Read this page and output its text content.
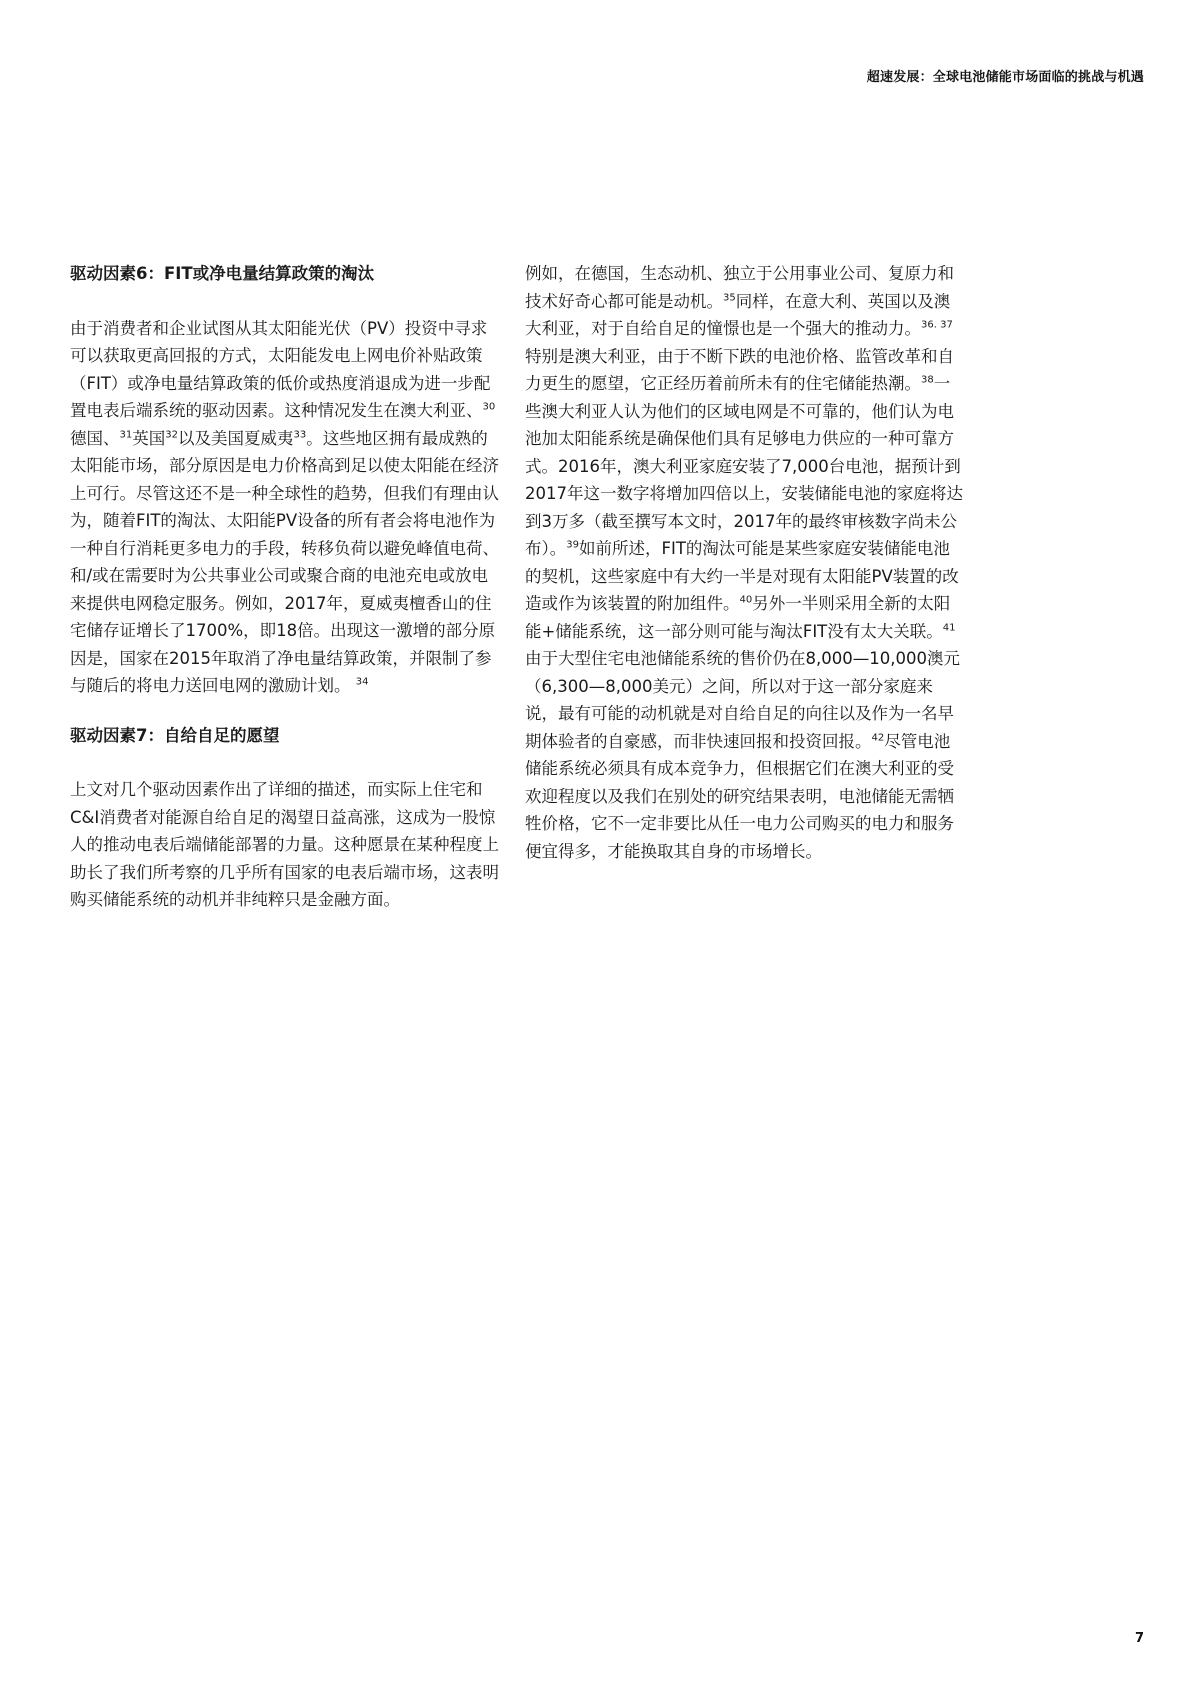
超速发展：全球电池储能市场面临的挑战与机遇
驱动因素6：FIT或净电量结算政策的淘汰
由于消费者和企业试图从其太阳能光伏（PV）投资中寻求可以获取更高回报的方式，太阳能发电上网电价补贴政策（FIT）或净电量结算政策的低价或热度消退成为进一步配置电表后端系统的驱动因素。这种情况发生在澳大利亚、$^{30}$德国、$^{31}$英国$^{32}$以及美国夏威夷$^{33}$。这些地区拥有最成熟的太阳能市场，部分原因是电力价格高到足以使太阳能在经济上可行。尽管这还不是一种全球性的趋势，但我们有理由认为，随着FIT的淘汰、太阳能PV设备的所有者会将电池作为一种自行消耗更多电力的手段，转移负荷以避免峰值电荷、和/或在需要时为公共事业公司或聚合商的电池充电或放电来提供电网稳定服务。例如，2017年，夏威夷檀香山的住宅储存证增长了1700%，即18倍。出现这一激增的部分原因是，国家在2015年取消了净电量结算政策，并限制了参与随后的将电力送回电网的激励计划。 $^{34}$
驱动因素7：自给自足的愿望
上文对几个驱动因素作出了详细的描述，而实际上住宅和C&I消费者对能源自给自足的渴望日益高涨，这成为一股惊人的推动电表后端储能部署的力量。这种愿景在某种程度上助长了我们所考察的几乎所有国家的电表后端市场，这表明购买储能系统的动机并非纯粹只是金融方面。
例如，在德国，生态动机、独立于公用事业公司、复原力和技术好奇心都可能是动机。$^{35}$同样，在意大利、英国以及澳大利亚，对于自给自足的憧憬也是一个强大的推动力。$^{36. 37}$特别是澳大利亚，由于不断下跌的电池价格、监管改革和自力更生的愿望，它正经历着前所未有的住宅储能热潮。$^{38}$一些澳大利亚人认为他们的区域电网是不可靠的，他们认为电池加太阳能系统是确保他们具有足够电力供应的一种可靠方式。2016年，澳大利亚家庭安装了7,000台电池，据预计到2017年这一数字将增加四倍以上，安装储能电池的家庭将达到3万多（截至撰写本文时，2017年的最终审核数字尚未公布）。$^{39}$如前所述，FIT的淘汰可能是某些家庭安装储能电池的契机，这些家庭中有大约一半是对现有太阳能PV装置的改造或作为该装置的附加组件。$^{40}$另外一半则采用全新的太阳能+储能系统，这一部分则可能与淘汰FIT没有太大关联。$^{41}$由于大型住宅电池储能系统的售价仍在8,000—10,000澳元（6,300—8,000美元）之间，所以对于这一部分家庭来说，最有可能的动机就是对自给自足的向往以及作为一名早期体验者的自豪感，而非快速回报和投资回报。$^{42}$尽管电池储能系统必须具有成本竞争力，但根据它们在澳大利亚的受欢迎程度以及我们在别处的研究结果表明，电池储能无需牺牲价格，它不一定非要比从任一电力公司购买的电力和服务便宜得多，才能换取其自身的市场增长。
7
